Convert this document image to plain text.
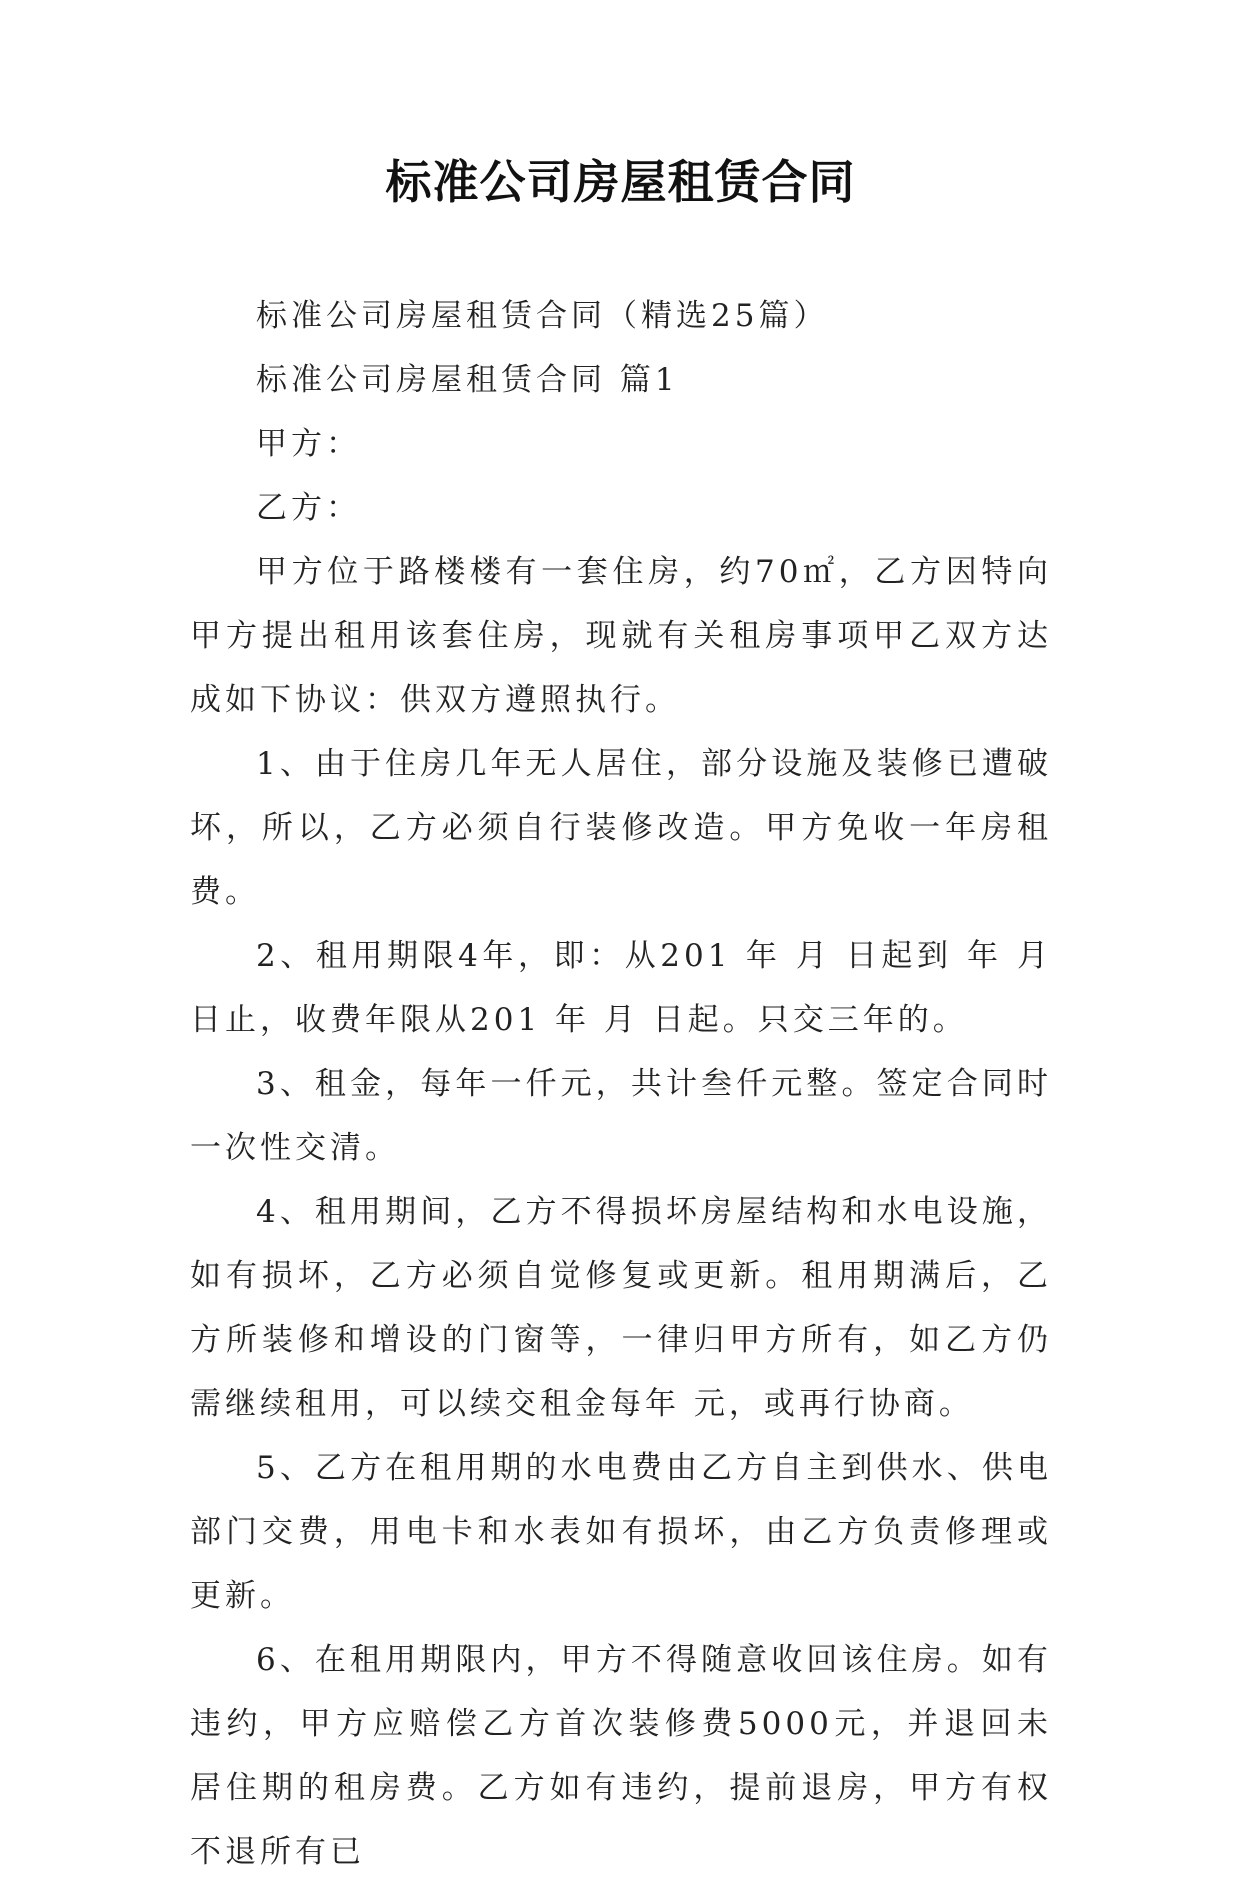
标准公司房屋租赁合同

标准公司房屋租赁合同（精选25篇）

标准公司房屋租赁合同 篇1

甲方：

乙方：

甲方位于路楼楼有一套住房，约70㎡，乙方因特向甲方提出租用该套住房，现就有关租房事项甲乙双方达成如下协议：供双方遵照执行。

1、由于住房几年无人居住，部分设施及装修已遭破坏，所以，乙方必须自行装修改造。甲方免收一年房租费。

2、租用期限4年，即：从201 年 月 日起到 年 月 日止，收费年限从201 年 月 日起。只交三年的。

3、租金，每年一仟元，共计叁仟元整。签定合同时一次性交清。

4、租用期间，乙方不得损坏房屋结构和水电设施，如有损坏，乙方必须自觉修复或更新。租用期满后，乙方所装修和增设的门窗等，一律归甲方所有，如乙方仍需继续租用，可以续交租金每年 元，或再行协商。

5、乙方在租用期的水电费由乙方自主到供水、供电部门交费，用电卡和水表如有损坏，由乙方负责修理或更新。

6、在租用期限内，甲方不得随意收回该住房。如有违约，甲方应赔偿乙方首次装修费5000元，并退回未居住期的租房费。乙方如有违约，提前退房，甲方有权不退所有已
